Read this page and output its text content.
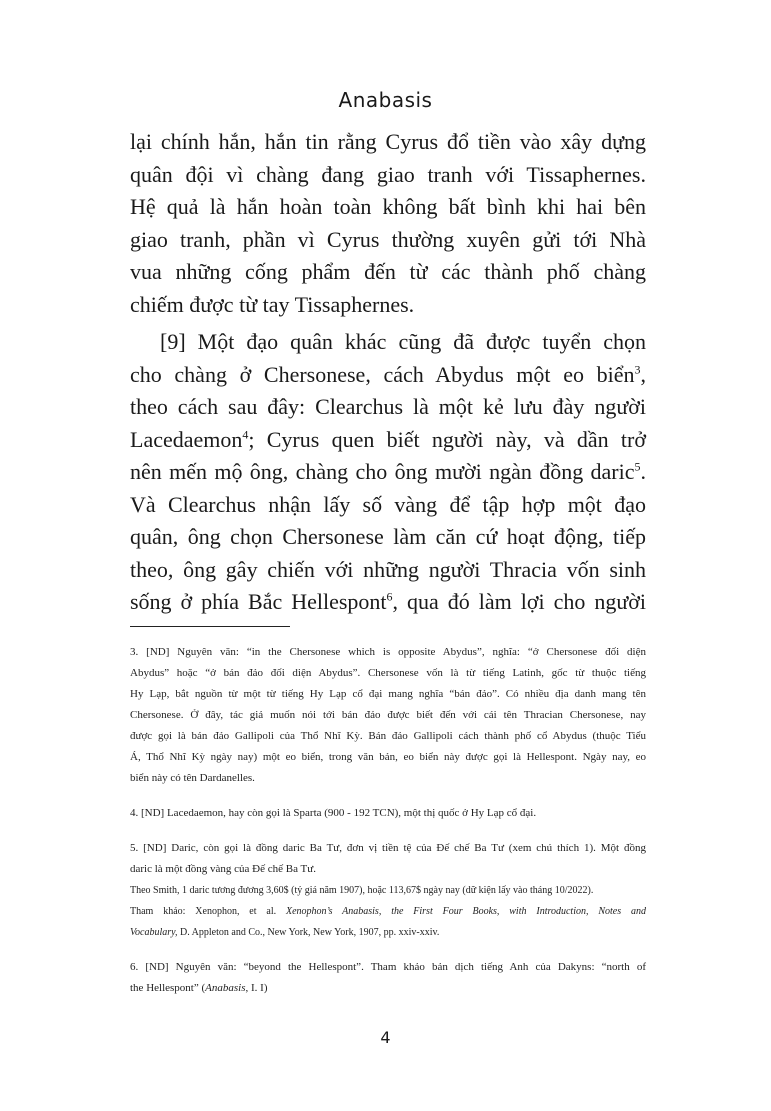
Anabasis
lại chính hắn, hắn tin rằng Cyrus đổ tiền vào xây dựng
quân đội vì chàng đang giao tranh với Tissaphernes.
Hệ quả là hắn hoàn toàn không bất bình khi hai bên
giao tranh, phần vì Cyrus thường xuyên gửi tới Nhà
vua những cống phẩm đến từ các thành phố chàng
chiếm được từ tay Tissaphernes.
[9] Một đạo quân khác cũng đã được tuyển chọn
cho chàng ở Chersonese, cách Abydus một eo biển$^3$,
theo cách sau đây: Clearchus là một kẻ lưu đày người
Lacedaemon$^4$; Cyrus quen biết người này, và dần trở
nên mến mộ ông, chàng cho ông mười ngàn đồng daric$^5$.
Và Clearchus nhận lấy số vàng để tập hợp một đạo
quân, ông chọn Chersonese làm căn cứ hoạt động, tiếp
theo, ông gây chiến với những người Thracia vốn sinh
sống ở phía Bắc Hellespont$^6$, qua đó làm lợi cho người
3. [ND] Nguyên văn: “in the Chersonese which is opposite Abydus”, nghĩa: “ở Chersonese đối diện
Abydus” hoặc “ở bán đảo đối diện Abydus”. Chersonese vốn là từ tiếng Latinh, gốc từ thuộc tiếng
Hy Lạp, bắt nguồn từ một từ tiếng Hy Lạp cổ đại mang nghĩa “bán đảo”. Có nhiều địa danh mang tên
Chersonese. Ở đây, tác giả muốn nói tới bán đảo được biết đến với cái tên Thracian Chersonese, nay
được gọi là bán đảo Gallipoli của Thổ Nhĩ Kỳ. Bán đảo Gallipoli cách thành phố cổ Abydus (thuộc Tiểu
Á, Thổ Nhĩ Kỳ ngày nay) một eo biển, trong văn bản, eo biển này được gọi là Hellespont. Ngày nay, eo
biển này có tên Dardanelles.
4. [ND] Lacedaemon, hay còn gọi là Sparta (900 - 192 TCN), một thị quốc ở Hy Lạp cổ đại.
5. [ND] Daric, còn gọi là đồng daric Ba Tư, đơn vị tiền tệ của Đế chế Ba Tư (xem chú thích 1). Một đồng
daric là một đồng vàng của Đế chế Ba Tư.
Theo Smith, 1 daric tương đương 3,60$ (tỷ giá năm 1907), hoặc 113,67$ ngày nay (dữ kiện lấy vào tháng 10/2022).
Tham khảo: Xenophon, et al. Xenophon’s Anabasis, the First Four Books, with Introduction, Notes and
Vocabulary, D. Appleton and Co., New York, New York, 1907, pp. xxiv-xxiv.
6. [ND] Nguyên văn: “beyond the Hellespont”. Tham khảo bản dịch tiếng Anh của Dakyns: “north of
the Hellespont” (Anabasis, I. I)
4
